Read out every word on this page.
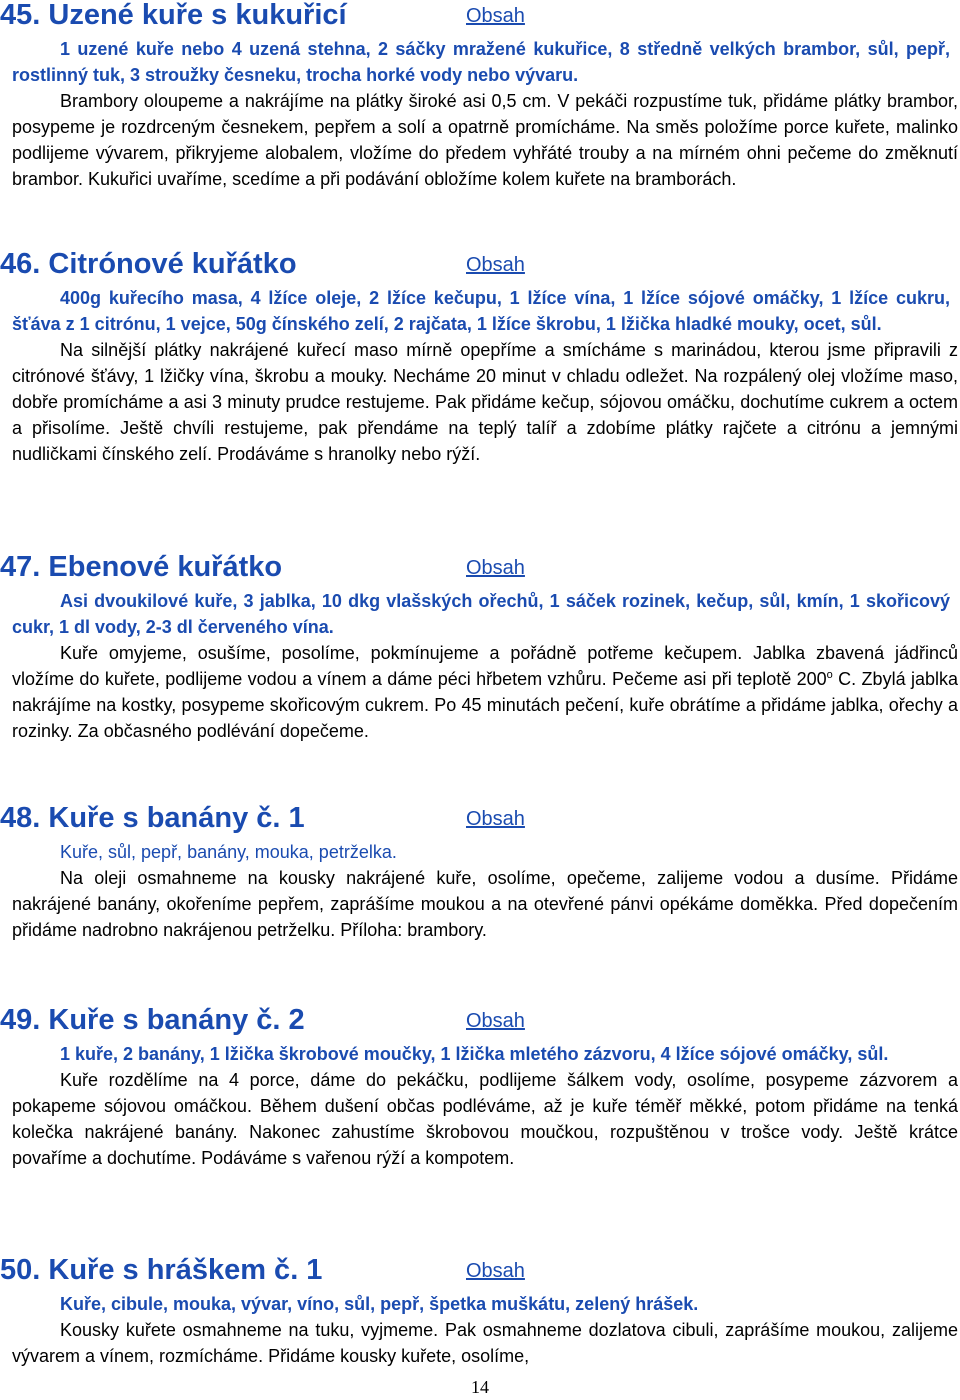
45. Uzené kuře s kukuřicí	Obsah

1 uzené kuře nebo 4 uzená stehna, 2 sáčky mražené kukuřice, 8 středně velkých brambor, sůl, pepř, rostlinný tuk, 3 stroužky česneku, trocha horké vody nebo vývaru.

Brambory oloupeme a nakrájíme na plátky široké asi 0,5 cm. V pekáči rozpustíme tuk, přidáme plátky brambor, posypeme je rozdrceným česnekem, pepřem a solí a opatrně promícháme. Na směs položíme porce kuřete, malinko podlijeme vývarem, přikryjeme alobalem, vložíme do předem vyhřáté trouby a na mírném ohni pečeme do změknutí brambor. Kukuřici uvaříme, scedíme a při podávání obložíme kolem kuřete na bramborách.

46. Citrónové kuřátko	Obsah

400g kuřecího masa, 4 lžíce oleje, 2 lžíce kečupu, 1 lžíce vína, 1 lžíce sójové omáčky, 1 lžíce cukru, šťáva z 1 citrónu, 1 vejce, 50g čínského zelí, 2 rajčata, 1 lžíce škrobu, 1 lžička hladké mouky, ocet, sůl.

Na silnější plátky nakrájené kuřecí maso mírně opepříme a smícháme s marinádou, kterou jsme připravili z citrónové šťávy, 1 lžičky vína, škrobu a mouky. Necháme 20 minut v chladu odležet. Na rozpálený olej vložíme maso, dobře promícháme a asi 3 minuty prudce restujeme. Pak přidáme kečup, sójovou omáčku, dochutíme cukrem a octem a přisolíme. Ještě chvíli restujeme, pak přendáme na teplý talíř a zdobíme plátky rajčete a citrónu a jemnými nudličkami čínského zelí. Prodáváme s hranolky nebo rýží.

47. Ebenové kuřátko	Obsah

Asi dvoukilové kuře, 3 jablka, 10 dkg vlašských ořechů, 1 sáček rozinek, kečup, sůl, kmín, 1 skořicový cukr, 1 dl vody, 2-3 dl červeného vína.

Kuře omyjeme, osušíme, posolíme, pokmínujeme a pořádně potřeme kečupem. Jablka zbavená jádřinců vložíme do kuřete, podlijeme vodou a vínem a dáme péci hřbetem vzhůru. Pečeme asi při teplotě 200$^o$ C. Zbylá jablka nakrájíme na kostky, posypeme skořicovým cukrem. Po 45 minutách pečení, kuře obrátíme a přidáme jablka, ořechy a rozinky. Za občasného podlévání dopečeme.

48. Kuře s banány č. 1	Obsah

Kuře, sůl, pepř, banány, mouka, petrželka.

Na oleji osmahneme na kousky nakrájené kuře, osolíme, opečeme, zalijeme vodou a dusíme. Přidáme nakrájené banány, okořeníme pepřem, zaprášíme moukou a na otevřené pánvi opékáme doměkka. Před dopečením přidáme nadrobno nakrájenou petrželku. Příloha: brambory.

49. Kuře s banány č. 2	Obsah

1 kuře, 2 banány, 1 lžička škrobové moučky, 1 lžička mletého zázvoru, 4 lžíce sójové omáčky, sůl.

Kuře rozdělíme na 4 porce, dáme do pekáčku, podlijeme šálkem vody, osolíme, posypeme zázvorem a pokapeme sójovou omáčkou. Během dušení občas podléváme, až je kuře téměř měkké, potom přidáme na tenká kolečka nakrájené banány. Nakonec zahustíme škrobovou moučkou, rozpuštěnou v trošce vody. Ještě krátce povaříme a dochutíme. Podáváme s vařenou rýží a kompotem.

50. Kuře s hráškem č. 1	Obsah

Kuře, cibule, mouka, vývar, víno, sůl, pepř, špetka muškátu, zelený hrášek.

Kousky kuřete osmahneme na tuku, vyjmeme. Pak osmahneme dozlatova cibuli, zaprášíme moukou, zalijeme vývarem a vínem, rozmícháme. Přidáme kousky kuřete, osolíme,

14
